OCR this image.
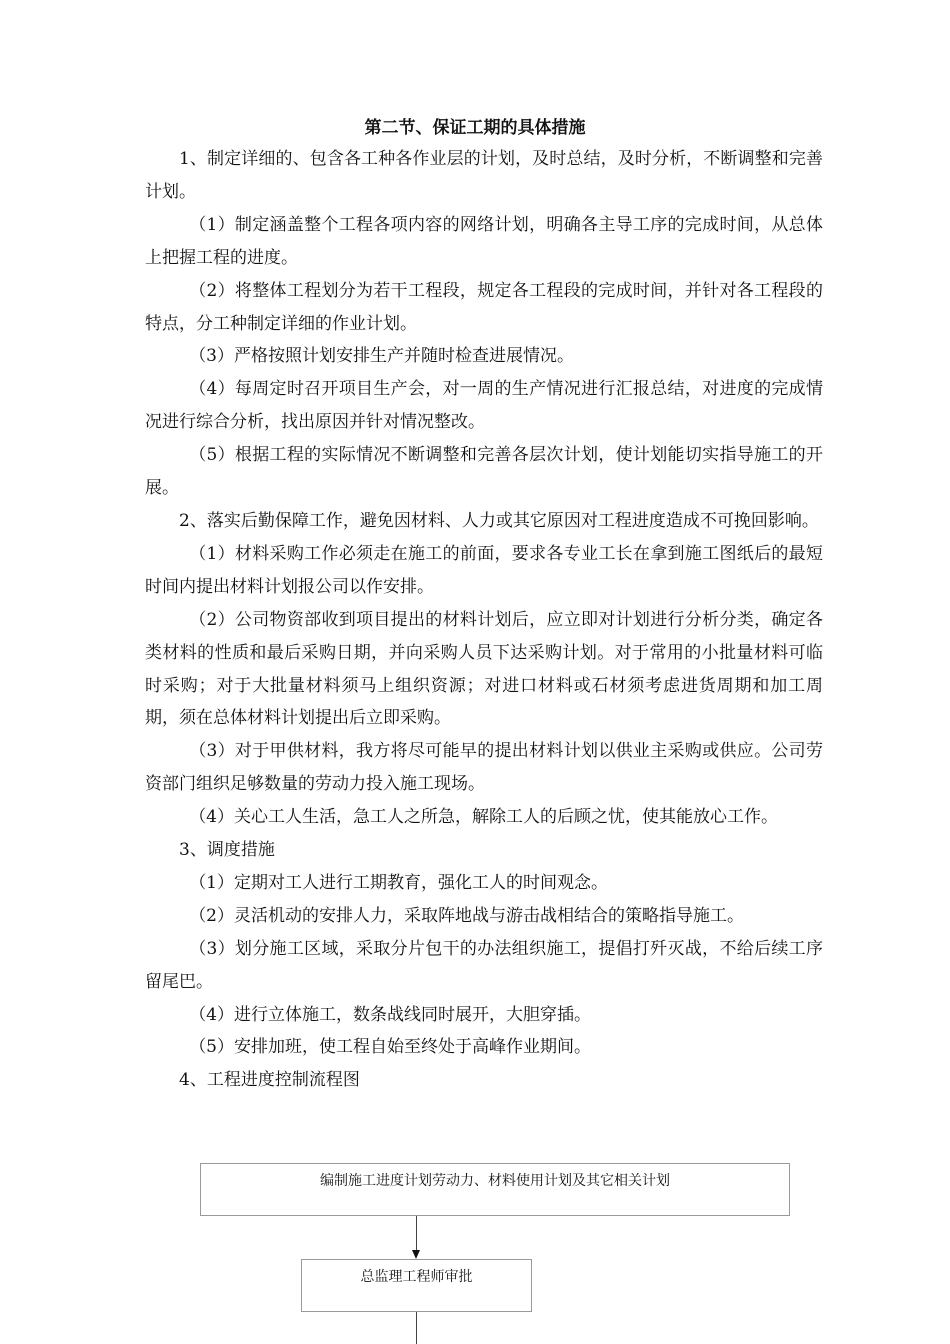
第二节、保证工期的具体措施

1、制定详细的、包含各工种各作业层的计划，及时总结，及时分析，不断调整和完善计划。

（1）制定涵盖整个工程各项内容的网络计划，明确各主导工序的完成时间，从总体上把握工程的进度。

（2）将整体工程划分为若干工程段，规定各工程段的完成时间，并针对各工程段的特点，分工种制定详细的作业计划。

（3）严格按照计划安排生产并随时检查进展情况。

（4）每周定时召开项目生产会，对一周的生产情况进行汇报总结，对进度的完成情况进行综合分析，找出原因并针对情况整改。

（5）根据工程的实际情况不断调整和完善各层次计划，使计划能切实指导施工的开展。

2、落实后勤保障工作，避免因材料、人力或其它原因对工程进度造成不可挽回影响。

（1）材料采购工作必须走在施工的前面，要求各专业工长在拿到施工图纸后的最短时间内提出材料计划报公司以作安排。

（2）公司物资部收到项目提出的材料计划后，应立即对计划进行分析分类，确定各类材料的性质和最后采购日期，并向采购人员下达采购计划。对于常用的小批量材料可临时采购；对于大批量材料须马上组织资源；对进口材料或石材须考虑进货周期和加工周期，须在总体材料计划提出后立即采购。

（3）对于甲供材料，我方将尽可能早的提出材料计划以供业主采购或供应。公司劳资部门组织足够数量的劳动力投入施工现场。

（4）关心工人生活，急工人之所急，解除工人的后顾之忧，使其能放心工作。

3、调度措施

（1）定期对工人进行工期教育，强化工人的时间观念。

（2）灵活机动的安排人力，采取阵地战与游击战相结合的策略指导施工。

（3）划分施工区域，采取分片包干的办法组织施工，提倡打歼灭战，不给后续工序留尾巴。

（4）进行立体施工，数条战线同时展开，大胆穿插。

（5）安排加班，使工程自始至终处于高峰作业期间。

4、工程进度控制流程图

编制施工进度计划劳动力、材料使用计划及其它相关计划
总监理工程师审批
